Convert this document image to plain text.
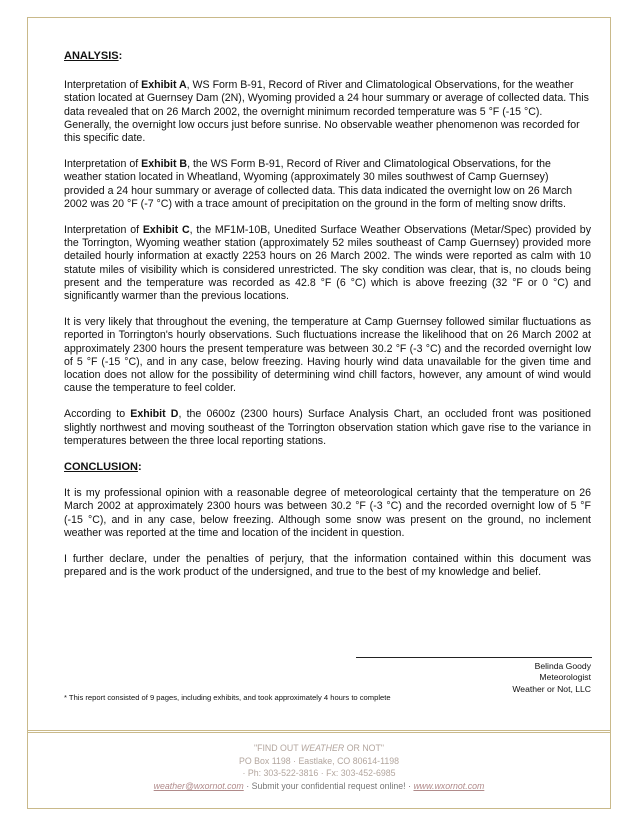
ANALYSIS:

Interpretation of Exhibit A, WS Form B-91, Record of River and Climatological Observations, for the weather station located at Guernsey Dam (2N), Wyoming provided a 24 hour summary or average of collected data. This data revealed that on 26 March 2002, the overnight minimum recorded temperature was 5 °F (-15 °C). Generally, the overnight low occurs just before sunrise. No observable weather phenomenon was recorded for this specific date.

Interpretation of Exhibit B, the WS Form B-91, Record of River and Climatological Observations, for the weather station located in Wheatland, Wyoming (approximately 30 miles southwest of Camp Guernsey) provided a 24 hour summary or average of collected data. This data indicated the overnight low on 26 March 2002 was 20 °F (-7 °C) with a trace amount of precipitation on the ground in the form of melting snow drifts.

Interpretation of Exhibit C, the MF1M-10B, Unedited Surface Weather Observations (Metar/Spec) provided by the Torrington, Wyoming weather station (approximately 52 miles southeast of Camp Guernsey) provided more detailed hourly information at exactly 2253 hours on 26 March 2002. The winds were reported as calm with 10 statute miles of visibility which is considered unrestricted. The sky condition was clear, that is, no clouds being present and the temperature was recorded as 42.8 °F (6 °C) which is above freezing (32 °F or 0 °C) and significantly warmer than the previous locations.

It is very likely that throughout the evening, the temperature at Camp Guernsey followed similar fluctuations as reported in Torrington's hourly observations. Such fluctuations increase the likelihood that on 26 March 2002 at approximately 2300 hours the present temperature was between 30.2 °F (-3 °C) and the recorded overnight low of 5 °F (-15 °C), and in any case, below freezing. Having hourly wind data unavailable for the given time and location does not allow for the possibility of determining wind chill factors, however, any amount of wind would cause the temperature to feel colder.

According to Exhibit D, the 0600z (2300 hours) Surface Analysis Chart, an occluded front was positioned slightly northwest and moving southeast of the Torrington observation station which gave rise to the variance in temperatures between the three local reporting stations.

CONCLUSION:

It is my professional opinion with a reasonable degree of meteorological certainty that the temperature on 26 March 2002 at approximately 2300 hours was between 30.2 °F (-3 °C) and the recorded overnight low of 5 °F (-15 °C), and in any case, below freezing. Although some snow was present on the ground, no inclement weather was reported at the time and location of the incident in question.

I further declare, under the penalties of perjury, that the information contained within this document was prepared and is the work product of the undersigned, and true to the best of my knowledge and belief.

Belinda Goody
Meteorologist
Weather or Not, LLC
* This report consisted of 9 pages, including exhibits, and took approximately 4 hours to complete
"FIND OUT WEATHER OR NOT"
PO Box 1198 · Eastlake, CO 80614-1198
· Ph: 303-522-3816 · Fx: 303-452-6985
weather@wxornot.com · Submit your confidential request online! · www.wxornot.com
